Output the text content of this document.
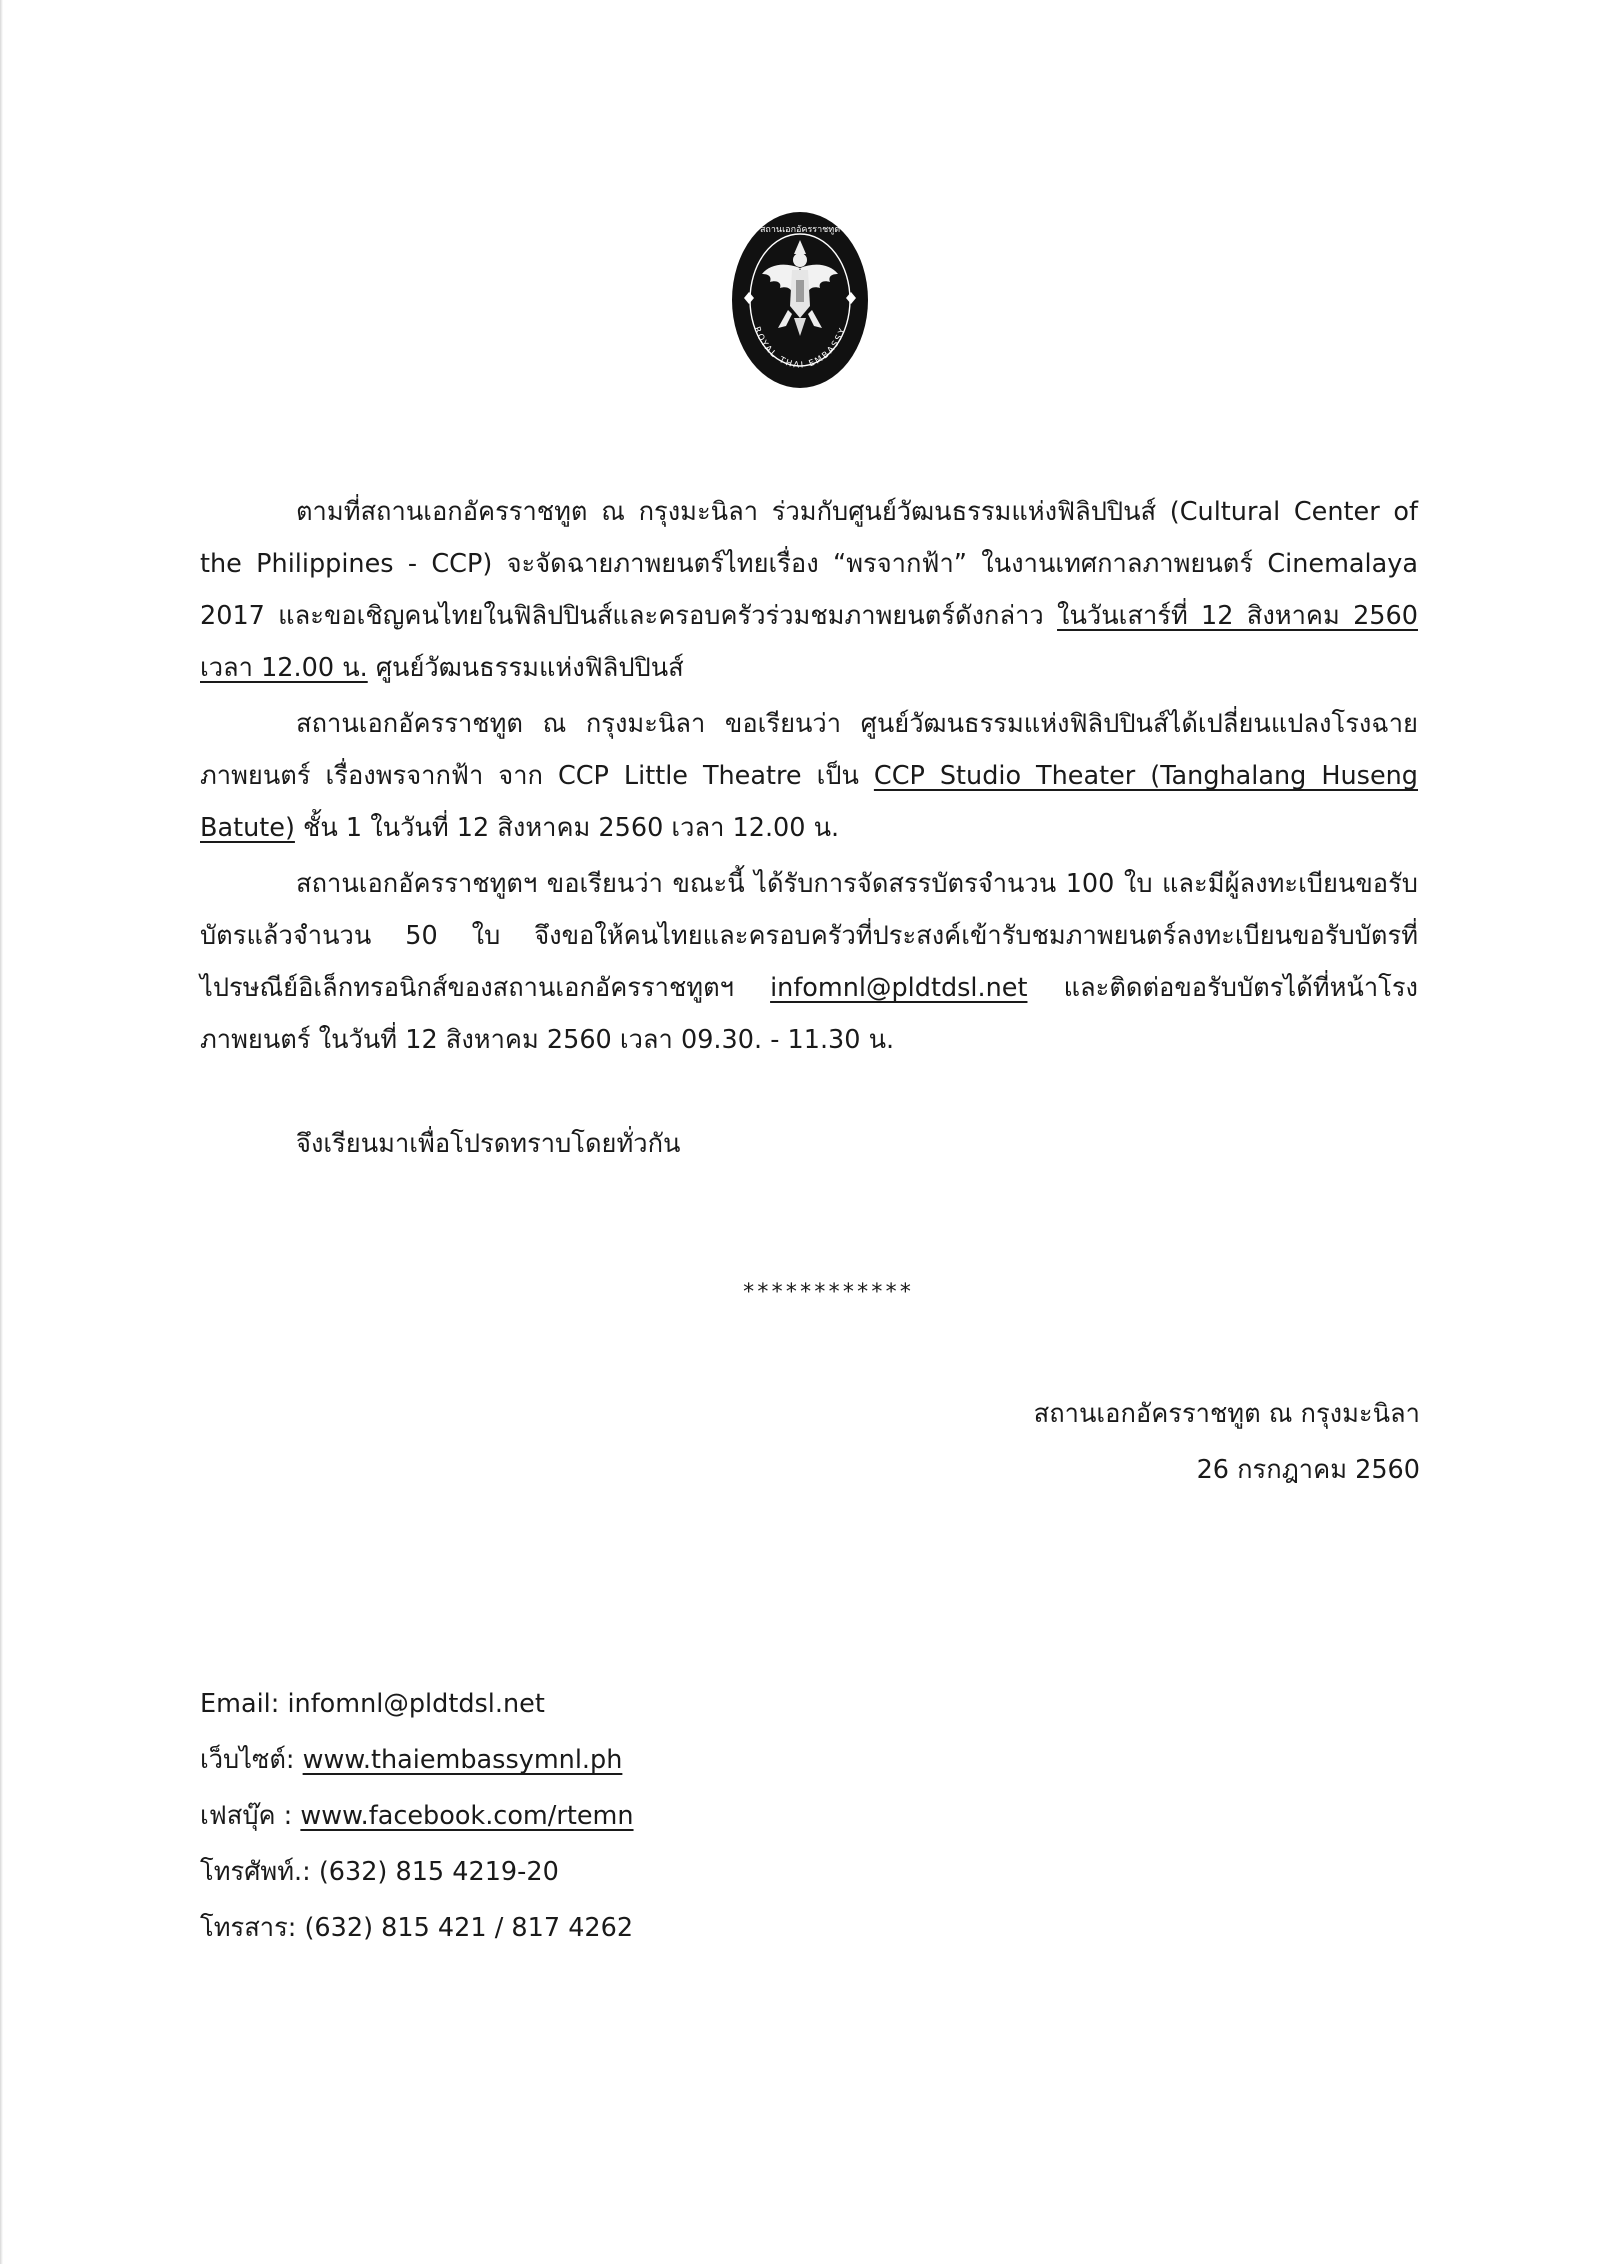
สถานเอกอัครราชทูต
ROYAL THAI EMBASSY

ตามที่สถานเอกอัครราชทูต ณ กรุงมะนิลา ร่วมกับศูนย์วัฒนธรรมแห่งฟิลิปปินส์ (Cultural Center of the Philippines - CCP) จะจัดฉายภาพยนตร์ไทยเรื่อง “พรจากฟ้า” ในงานเทศกาลภาพยนตร์ Cinemalaya 2017 และขอเชิญคนไทยในฟิลิปปินส์และครอบครัวร่วมชมภาพยนตร์ดังกล่าว ในวันเสาร์ที่ 12 สิงหาคม 2560 เวลา 12.00 น. ศูนย์วัฒนธรรมแห่งฟิลิปปินส์

สถานเอกอัครราชทูต ณ กรุงมะนิลา ขอเรียนว่า ศูนย์วัฒนธรรมแห่งฟิลิปปินส์ได้เปลี่ยนแปลงโรงฉายภาพยนตร์ เรื่องพรจากฟ้า จาก CCP Little Theatre เป็น CCP Studio Theater (Tanghalang Huseng Batute) ชั้น 1 ในวันที่ 12 สิงหาคม 2560 เวลา 12.00 น.

สถานเอกอัครราชทูตฯ ขอเรียนว่า ขณะนี้ ได้รับการจัดสรรบัตรจำนวน 100 ใบ และมีผู้ลงทะเบียนขอรับบัตรแล้วจำนวน 50 ใบ จึงขอให้คนไทยและครอบครัวที่ประสงค์เข้ารับชมภาพยนตร์ลงทะเบียนขอรับบัตรที่ไปรษณีย์อิเล็กทรอนิกส์ของสถานเอกอัครราชทูตฯ infomnl@pldtdsl.net และติดต่อขอรับบัตรได้ที่หน้าโรงภาพยนตร์ ในวันที่ 12 สิงหาคม 2560 เวลา 09.30. - 11.30 น.

จึงเรียนมาเพื่อโปรดทราบโดยทั่วกัน

************
สถานเอกอัครราชทูต ณ กรุงมะนิลา
26 กรกฎาคม 2560
Email: infomnl@pldtdsl.net
เว็บไซต์: www.thaiembassymnl.ph
เฟสบุ๊ค : www.facebook.com/rtemn
โทรศัพท์.: (632) 815 4219-20
โทรสาร: (632) 815 421 / 817 4262
